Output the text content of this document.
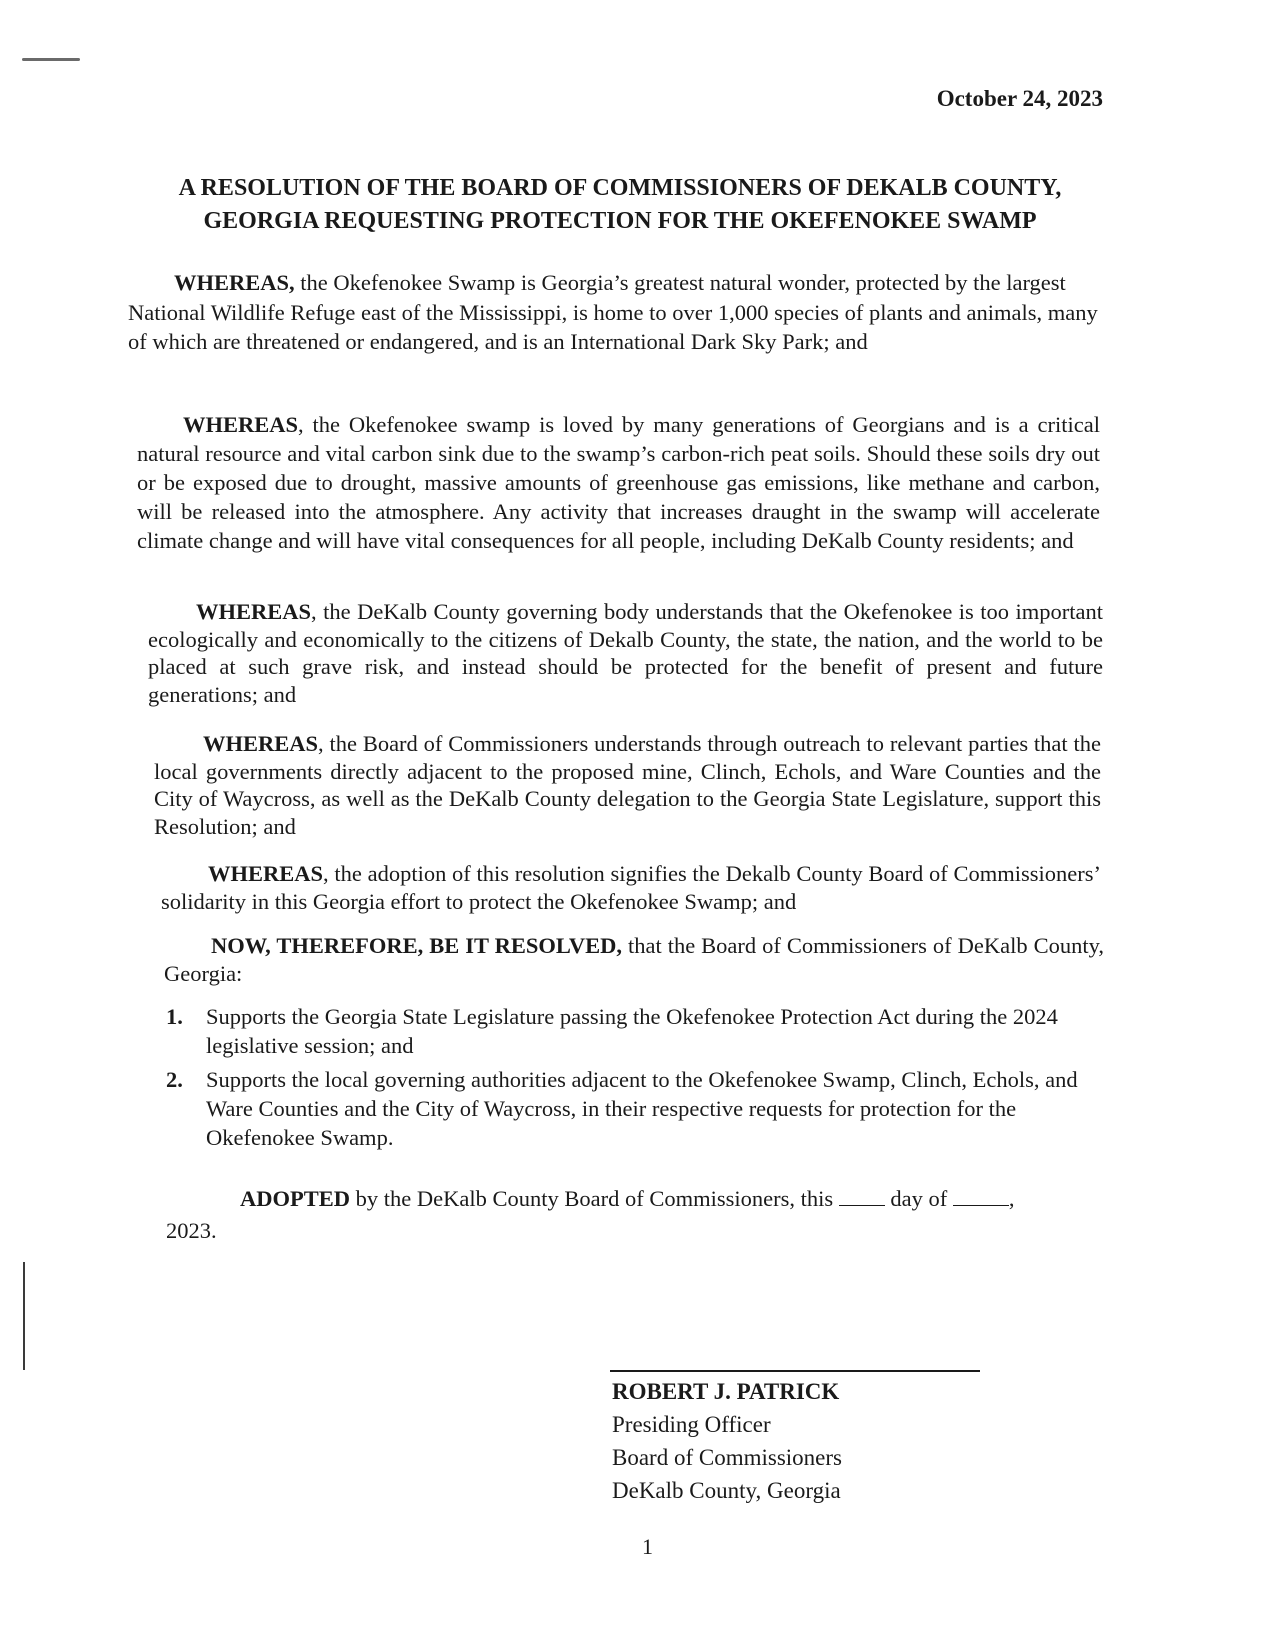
October 24, 2023
A RESOLUTION OF THE BOARD OF COMMISSIONERS OF DEKALB COUNTY,
GEORGIA REQUESTING PROTECTION FOR THE OKEFENOKEE SWAMP
WHEREAS, the Okefenokee Swamp is Georgia’s greatest natural wonder, protected by the largest National Wildlife Refuge east of the Mississippi, is home to over 1,000 species of plants and animals, many of which are threatened or endangered, and is an International Dark Sky Park; and
WHEREAS, the Okefenokee swamp is loved by many generations of Georgians and is a critical natural resource and vital carbon sink due to the swamp’s carbon-rich peat soils. Should these soils dry out or be exposed due to drought, massive amounts of greenhouse gas emissions, like methane and carbon, will be released into the atmosphere. Any activity that increases draught in the swamp will accelerate climate change and will have vital consequences for all people, including DeKalb County residents; and
WHEREAS, the DeKalb County governing body understands that the Okefenokee is too important ecologically and economically to the citizens of Dekalb County, the state, the nation, and the world to be placed at such grave risk, and instead should be protected for the benefit of present and future generations; and
WHEREAS, the Board of Commissioners understands through outreach to relevant parties that the local governments directly adjacent to the proposed mine, Clinch, Echols, and Ware Counties and the City of Waycross, as well as the DeKalb County delegation to the Georgia State Legislature, support this Resolution; and
WHEREAS, the adoption of this resolution signifies the Dekalb County Board of Commissioners’ solidarity in this Georgia effort to protect the Okefenokee Swamp; and
NOW, THEREFORE, BE IT RESOLVED, that the Board of Commissioners of DeKalb County, Georgia:
1. Supports the Georgia State Legislature passing the Okefenokee Protection Act during the 2024 legislative session; and
2. Supports the local governing authorities adjacent to the Okefenokee Swamp, Clinch, Echols, and Ware Counties and the City of Waycross, in their respective requests for protection for the Okefenokee Swamp.
ADOPTED by the DeKalb County Board of Commissioners, this  day of ,
2023.
ROBERT J. PATRICK
Presiding Officer
Board of Commissioners
DeKalb County, Georgia
1
